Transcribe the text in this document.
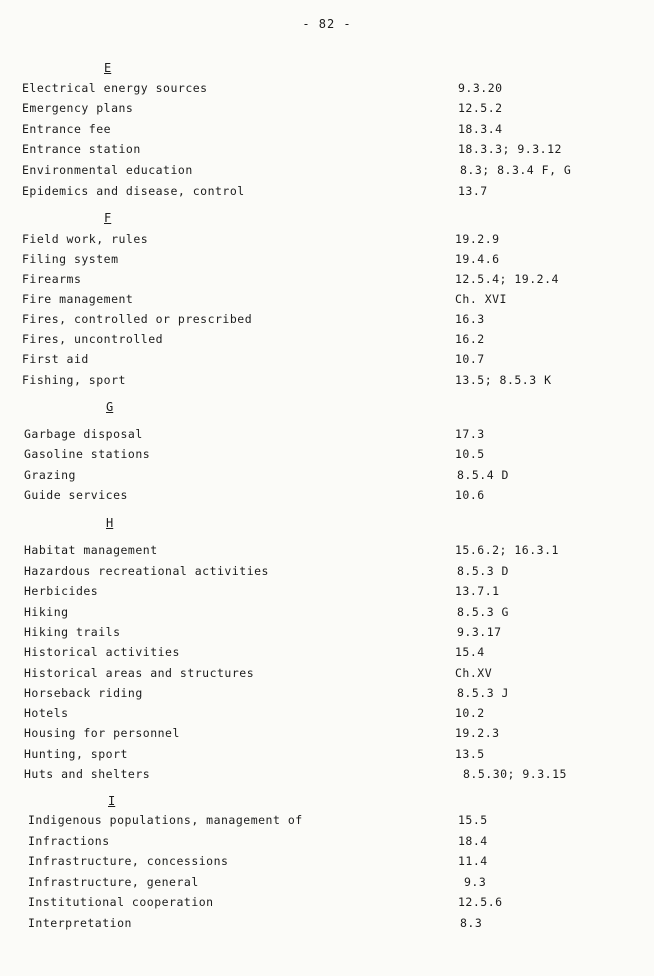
- 82 -
E
Electrical energy sources	9.3.20
Emergency plans	12.5.2
Entrance fee	18.3.4
Entrance station	18.3.3; 9.3.12
Environmental education	8.3; 8.3.4 F, G
Epidemics and disease, control	13.7
F
Field work, rules	19.2.9
Filing system	19.4.6
Firearms	12.5.4; 19.2.4
Fire management	Ch. XVI
Fires, controlled or prescribed	16.3
Fires, uncontrolled	16.2
First aid	10.7
Fishing, sport	13.5; 8.5.3 K
G
Garbage disposal	17.3
Gasoline stations	10.5
Grazing	8.5.4 D
Guide services	10.6
H
Habitat management	15.6.2; 16.3.1
Hazardous recreational activities	8.5.3 D
Herbicides	13.7.1
Hiking	8.5.3 G
Hiking trails	9.3.17
Historical activities	15.4
Historical areas and structures	Ch.XV
Horseback riding	8.5.3 J
Hotels	10.2
Housing for personnel	19.2.3
Hunting, sport	13.5
Huts and shelters	8.5.30; 9.3.15
I
Indigenous populations, management of	15.5
Infractions	18.4
Infrastructure, concessions	11.4
Infrastructure, general	9.3
Institutional cooperation	12.5.6
Interpretation	8.3
